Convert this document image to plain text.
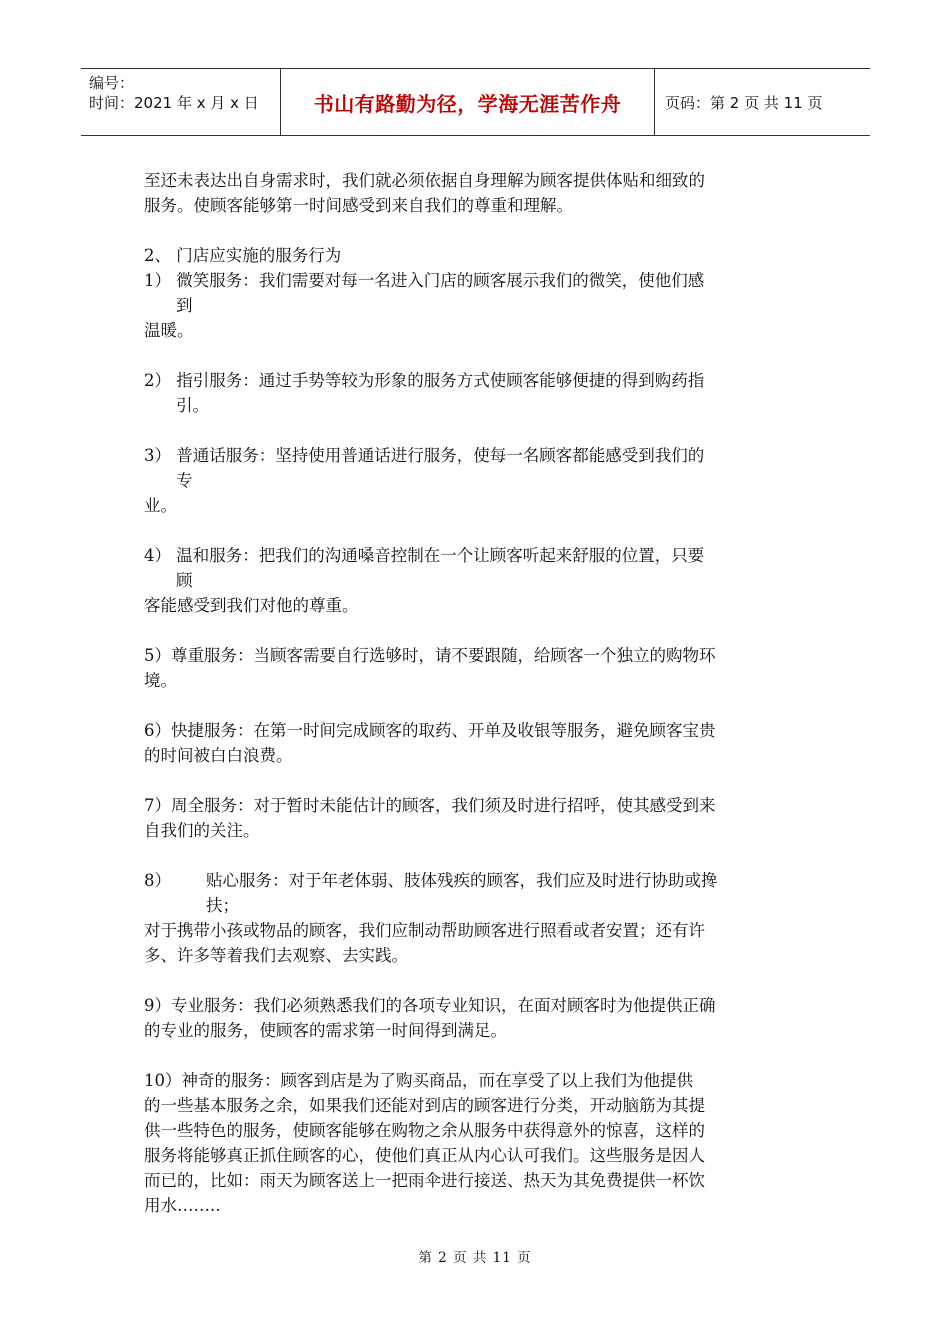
编号：
时间：2021 年 x 月 x 日	书山有路勤为径，学海无涯苦作舟	页码：第 2 页 共 11 页

至还未表达出自身需求时，我们就必须依据自身理解为顾客提供体贴和细致的

服务。使顾客能够第一时间感受到来自我们的尊重和理解。

2、 门店应实施的服务行为

1） 微笑服务：我们需要对每一名进入门店的顾客展示我们的微笑，使他们感

到

温暖。

2） 指引服务：通过手势等较为形象的服务方式使顾客能够便捷的得到购药指

引。

3） 普通话服务：坚持使用普通话进行服务，使每一名顾客都能感受到我们的

专

业。

4） 温和服务：把我们的沟通嗓音控制在一个让顾客听起来舒服的位置，只要

顾

客能感受到我们对他的尊重。

5）尊重服务：当顾客需要自行选够时，请不要跟随，给顾客一个独立的购物环

境。

6）快捷服务：在第一时间完成顾客的取药、开单及收银等服务，避免顾客宝贵

的时间被白白浪费。

7）周全服务：对于暂时未能估计的顾客，我们须及时进行招呼，使其感受到来

自我们的关注。

8）	贴心服务：对于年老体弱、肢体残疾的顾客，我们应及时进行协助或搀

扶；

对于携带小孩或物品的顾客，我们应制动帮助顾客进行照看或者安置；还有许

多、许多等着我们去观察、去实践。

9）专业服务：我们必须熟悉我们的各项专业知识，在面对顾客时为他提供正确

的专业的服务，使顾客的需求第一时间得到满足。

10）神奇的服务：顾客到店是为了购买商品，而在享受了以上我们为他提供

的一些基本服务之余，如果我们还能对到店的顾客进行分类，开动脑筋为其提

供一些特色的服务，使顾客能够在购物之余从服务中获得意外的惊喜，这样的

服务将能够真正抓住顾客的心，使他们真正从内心认可我们。这些服务是因人

而已的，比如：雨天为顾客送上一把雨伞进行接送、热天为其免费提供一杯饮

用水……..

第 2 页 共 11 页
